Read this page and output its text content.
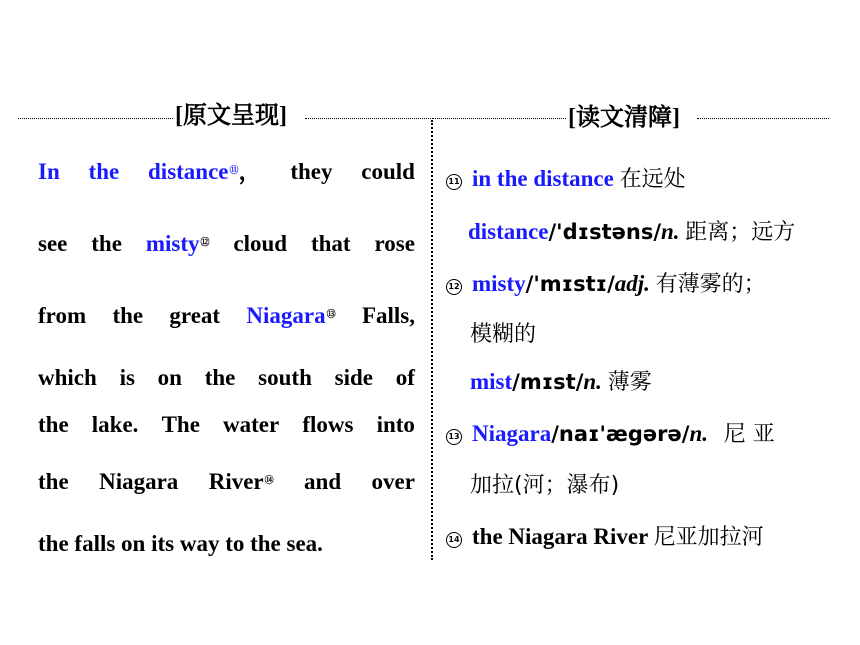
[原文呈现]	[读文清障]
In the distance⑪， they could
see the misty⑫ cloud that rose
from the great Niagara⑬ Falls,
which is on the south side of
the lake. The water flows into
the Niagara River⑭ and over
the falls on its way to the sea.
11 in the distance 在远处
distance/'dɪstəns/n. 距离；远方
12 misty/'mɪstɪ/adj. 有薄雾的；
模糊的
mist/mɪst/n. 薄雾
13 Niagara/naɪ'ægərə/n. 尼 亚
加拉(河；瀑布)
14 the Niagara River 尼亚加拉河
